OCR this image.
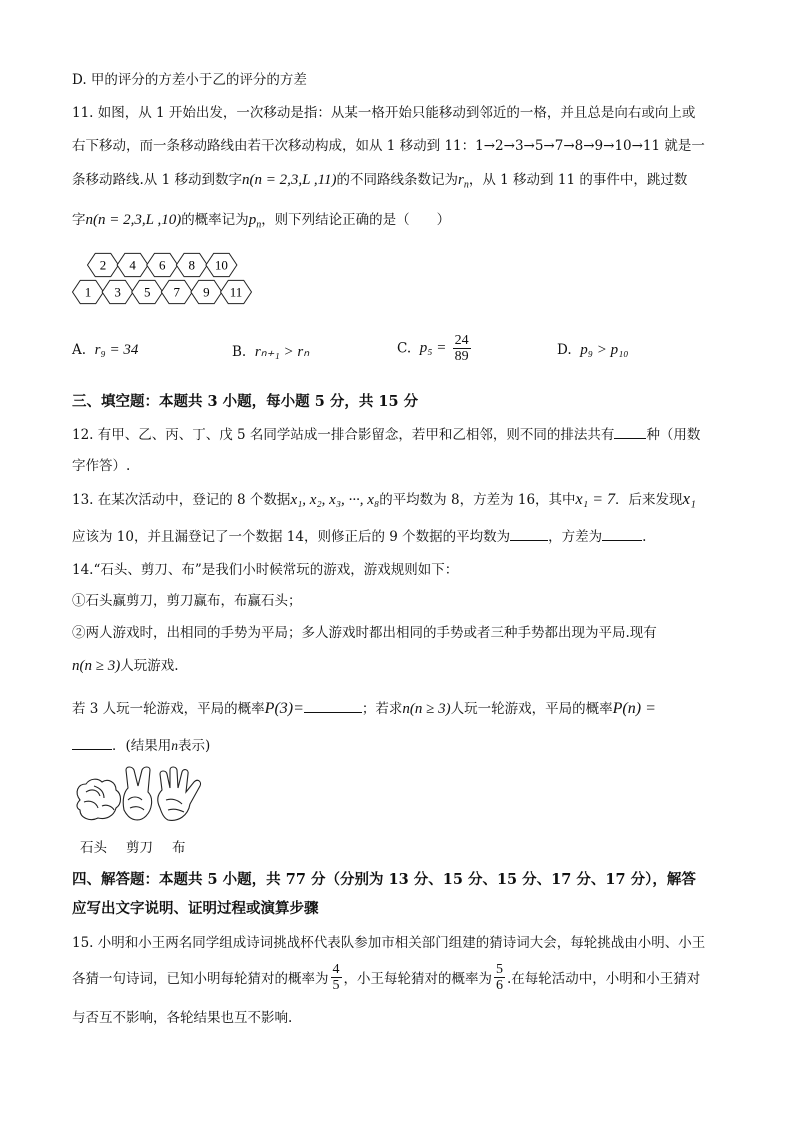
D. 甲的评分的方差小于乙的评分的方差
11. 如图，从 1 开始出发，一次移动是指：从某一格开始只能移动到邻近的一格，并且总是向右或向上或
右下移动，而一条移动路线由若干次移动构成，如从 1 移动到 11：1→2→3→5→7→8→9→10→11 就是一
条移动路线.从 1 移动到数字n(n = 2,3,L ,11)的不同路线条数记为$r_n$，从 1 移动到 11 的事件中，跳过数
字n(n = 2,3,L ,10)的概率记为$p_n$，则下列结论正确的是（　　）
1 3 5 7 9 11
2 4 6 8 10
A. r₉ = 34	B. rₙ₊₁ > rₙ	C. $p_5 = \frac{24}{89}$	D. p₉ > p₁₀
三、填空题：本题共 3 小题，每小题 5 分，共 15 分
12. 有甲、乙、丙、丁、戊 5 名同学站成一排合影留念，若甲和乙相邻，则不同的排法共有 种（用数
字作答）.
13. 在某次活动中，登记的 8 个数据x₁, x₂, x₃, ···, x₈的平均数为 8，方差为 16，其中x₁ = 7．后来发现x₁
应该为 10，并且漏登记了一个数据 14，则修正后的 9 个数据的平均数为	，方差为	.
14.“石头、剪刀、布”是我们小时候常玩的游戏，游戏规则如下：
①石头赢剪刀，剪刀赢布，布赢石头；
②两人游戏时，出相同的手势为平局；多人游戏时都出相同的手势或者三种手势都出现为平局.现有
n(n ≥ 3)人玩游戏.
若 3 人玩一轮游戏，平局的概率P(3)=	；若求n(n ≥ 3)人玩一轮游戏，平局的概率P(n) =
．(结果用n表示)
石头 剪刀 布
四、解答题：本题共 5 小题，共 77 分（分别为 13 分、15 分、15 分、17 分、17 分），解答
应写出文字说明、证明过程或演算步骤
15. 小明和小王两名同学组成诗词挑战杯代表队参加市相关部门组建的猜诗词大会，每轮挑战由小明、小王
各猜一句诗词，已知小明每轮猜对的概率为 $\frac{4}{5}$ ，小王每轮猜对的概率为 $\frac{5}{6}$ .在每轮活动中，小明和小王猜对
与否互不影响，各轮结果也互不影响.
